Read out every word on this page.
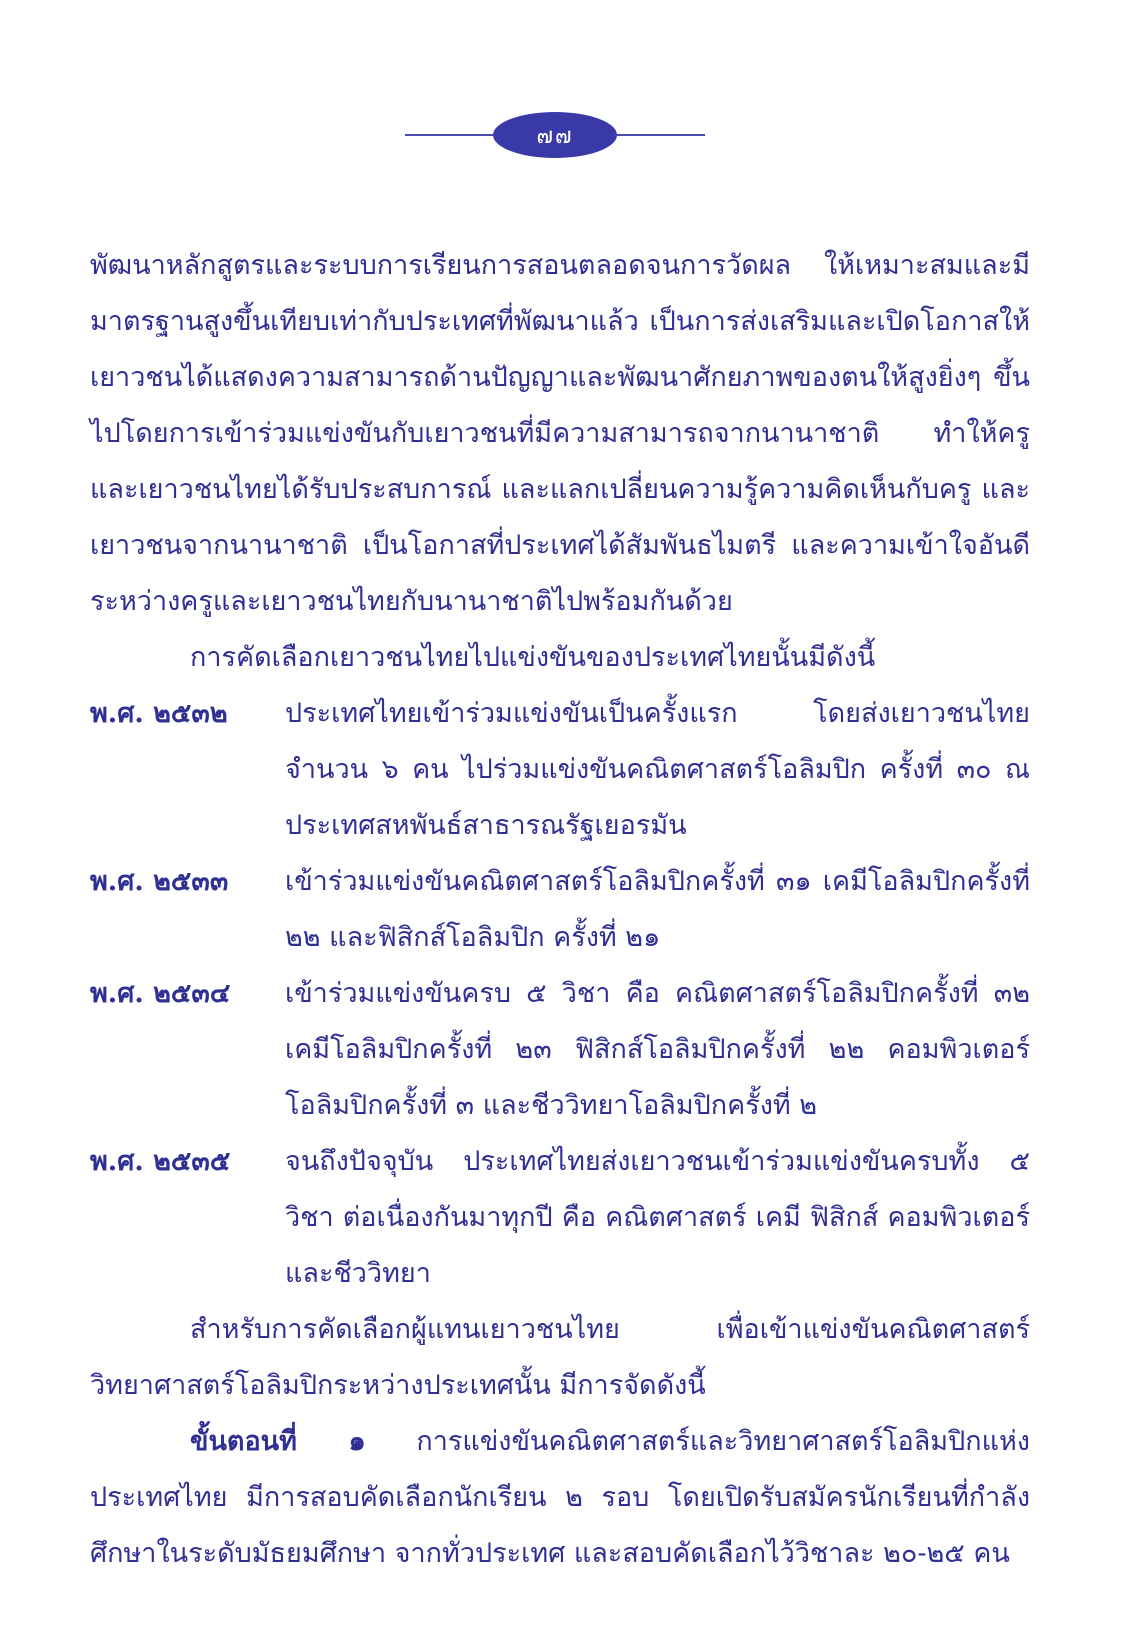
๗๗

พัฒนาหลักสูตรและระบบการเรียนการสอนตลอดจนการวัดผล ให้เหมาะสมและมีมาตรฐานสูงขึ้นเทียบเท่ากับประเทศที่พัฒนาแล้ว เป็นการส่งเสริมและเปิดโอกาสให้เยาวชนได้แสดงความสามารถด้านปัญญาและพัฒนาศักยภาพของตนให้สูงยิ่งๆ ขึ้นไปโดยการเข้าร่วมแข่งขันกับเยาวชนที่มีความสามารถจากนานาชาติ ทำให้ครูและเยาวชนไทยได้รับประสบการณ์ และแลกเปลี่ยนความรู้ความคิดเห็นกับครู และเยาวชนจากนานาชาติ เป็นโอกาสที่ประเทศได้สัมพันธไมตรี และความเข้าใจอันดีระหว่างครูและเยาวชนไทยกับนานาชาติไปพร้อมกันด้วย

การคัดเลือกเยาวชนไทยไปแข่งขันของประเทศไทยนั้นมีดังนี้

พ.ศ. ๒๕๓๒	ประเทศไทยเข้าร่วมแข่งขันเป็นครั้งแรก โดยส่งเยาวชนไทยจำนวน ๖ คน ไปร่วมแข่งขันคณิตศาสตร์โอลิมปิก ครั้งที่ ๓๐ ณ ประเทศสหพันธ์สาธารณรัฐเยอรมัน
พ.ศ. ๒๕๓๓	เข้าร่วมแข่งขันคณิตศาสตร์โอลิมปิกครั้งที่ ๓๑ เคมีโอลิมปิกครั้งที่ ๒๒ และฟิสิกส์โอลิมปิก ครั้งที่ ๒๑
พ.ศ. ๒๕๓๔	เข้าร่วมแข่งขันครบ ๕ วิชา คือ คณิตศาสตร์โอลิมปิกครั้งที่ ๓๒ เคมีโอลิมปิกครั้งที่ ๒๓ ฟิสิกส์โอลิมปิกครั้งที่ ๒๒ คอมพิวเตอร์โอลิมปิกครั้งที่ ๓ และชีววิทยาโอลิมปิกครั้งที่ ๒
พ.ศ. ๒๕๓๕	จนถึงปัจจุบัน ประเทศไทยส่งเยาวชนเข้าร่วมแข่งขันครบทั้ง ๕ วิชา ต่อเนื่องกันมาทุกปี คือ คณิตศาสตร์ เคมี ฟิสิกส์ คอมพิวเตอร์ และชีววิทยา

สำหรับการคัดเลือกผู้แทนเยาวชนไทย เพื่อเข้าแข่งขันคณิตศาสตร์ วิทยาศาสตร์โอลิมปิกระหว่างประเทศนั้น มีการจัดดังนี้

ขั้นตอนที่ ๑ การแข่งขันคณิตศาสตร์และวิทยาศาสตร์โอลิมปิกแห่งประเทศไทย มีการสอบคัดเลือกนักเรียน ๒ รอบ โดยเปิดรับสมัครนักเรียนที่กำลังศึกษาในระดับมัธยมศึกษา จากทั่วประเทศ และสอบคัดเลือกไว้วิชาละ ๒๐-๒๕ คน
